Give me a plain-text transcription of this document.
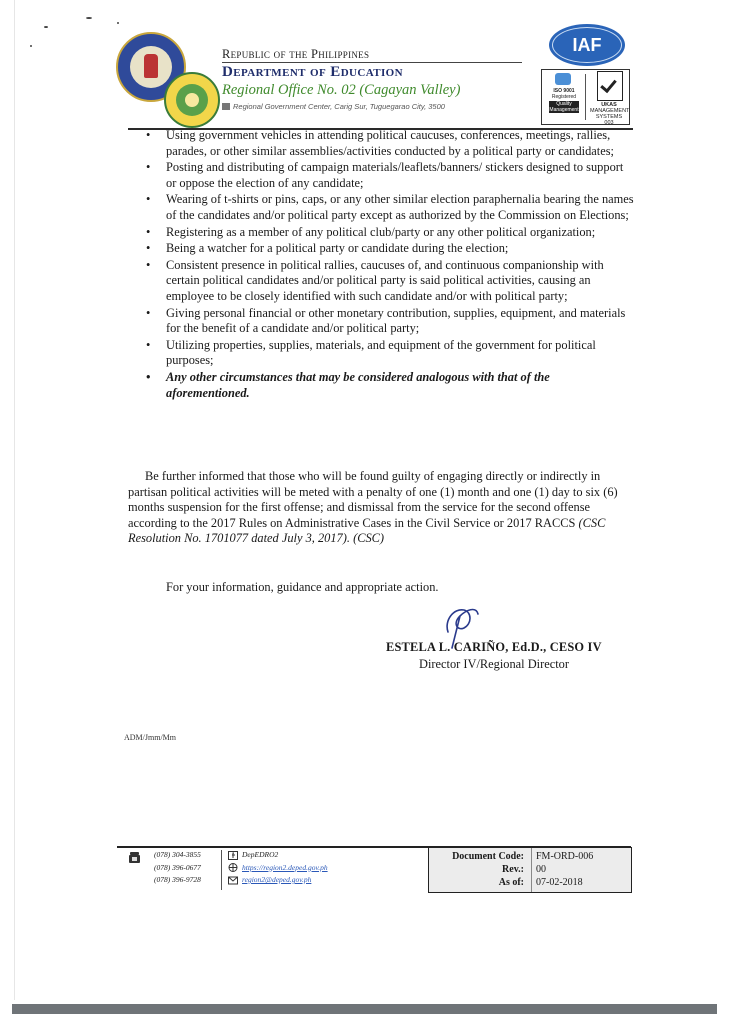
Republic of the Philippines
Department of Education
Regional Office No. 02 (Cagayan Valley)
Regional Government Center, Carig Sur, Tuguegarao City, 3500
IAF
ISO 9001
Registered
Quality Management
UKAS
MANAGEMENT SYSTEMS
003
• Using government vehicles in attending political caucuses, conferences, meetings, rallies, parades, or other similar assemblies/activities conducted by a political party or candidates;
• Posting and distributing of campaign materials/leaflets/banners/ stickers designed to support or oppose the election of any candidate;
• Wearing of t-shirts or pins, caps, or any other similar election paraphernalia bearing the names of the candidates and/or political party except as authorized by the Commission on Elections;
• Registering as a member of any political club/party or any other political organization;
• Being a watcher for a political party or candidate during the election;
• Consistent presence in political rallies, caucuses of, and continuous companionship with certain political candidates and/or political party is said political activities, causing an employee to be closely identified with such candidate and/or with political party;
• Giving personal financial or other monetary contribution, supplies, equipment, and materials for the benefit of a candidate and/or political party;
• Utilizing properties, supplies, materials, and equipment of the government for political purposes;
• Any other circumstances that may be considered analogous with that of the aforementioned.

Be further informed that those who will be found guilty of engaging directly or indirectly in partisan political activities will be meted with a penalty of one (1) month and one (1) day to six (6) months suspension for the first offense; and dismissal from the service for the second offense according to the 2017 Rules on Administrative Cases in the Civil Service or 2017 RACCS (CSC Resolution No. 1701077 dated July 3, 2017). (CSC)

For your information, guidance and appropriate action.
ESTELA L. CARIÑO, Ed.D., CESO IV
Director IV/Regional Director
ADM/Jmm/Mm
(078) 304-3855
(078) 396-0677
(078) 396-9728
DepEDRO2
https://region2.deped.gov.ph
region2@deped.gov.ph
Document Code: FM-ORD-006
Rev.: 00
As of: 07-02-2018
